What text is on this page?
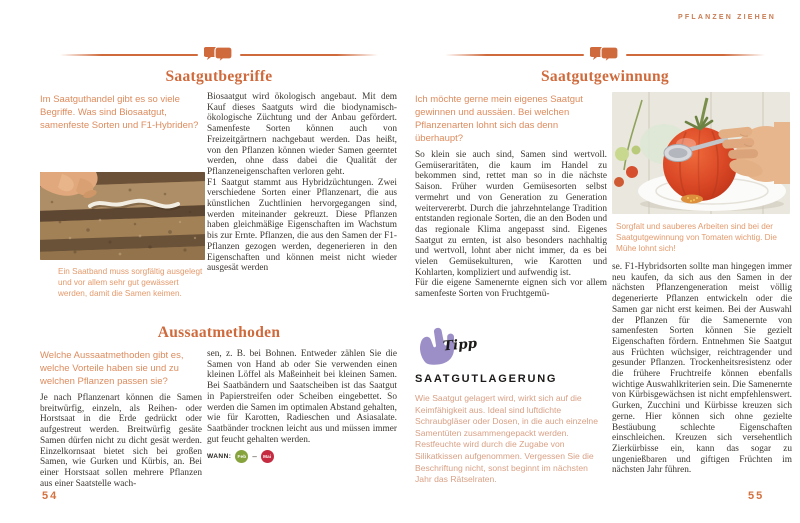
Saatgutbegriffe
Im Saatguthandel gibt es so viele Begriffe. Was sind Biosaatgut, samenfeste Sorten und F1-Hybriden?
Ein Saatband muss sorgfältig ausgelegt und vor allem sehr gut gewässert werden, damit die Samen keimen.

Biosaatgut wird ökologisch angebaut. Mit dem Kauf dieses Saatguts wird die biodynamisch-ökologische Züchtung und der Anbau gefördert. Samenfeste Sorten können auch von Freizeitgärtnern nachgebaut werden. Das heißt, von den Pflanzen können wieder Samen geerntet werden, ohne dass dabei die Qualität der Pflanzeneigenschaften verloren geht.

F1 Saatgut stammt aus Hybridzüchtungen. Zwei verschiedene Sorten einer Pflanzenart, die aus künstlichen Zuchtlinien hervorgegangen sind, werden miteinander gekreuzt. Diese Pflanzen haben gleichmäßige Eigenschaften im Wachstum bis zur Ernte. Pflanzen, die aus den Samen der F1-Pflanzen gezogen werden, degenerieren in den Eigenschaften und können meist nicht wieder ausgesät werden

Aussaatmethoden
Welche Aussaatmethoden gibt es, welche Vorteile haben sie und zu welchen Pflanzen passen sie?

Je nach Pflanzenart können die Samen breitwürfig, einzeln, als Reihen- oder Horstsaat in die Erde gedrückt oder aufgestreut werden. Breitwürfig gesäte Samen dürfen nicht zu dicht gesät werden. Einzelkornsaat bietet sich bei großen Samen, wie Gurken und Kürbis, an. Bei einer Horstsaat sollen mehrere Pflanzen aus einer Saatstelle wach-

sen, z. B. bei Bohnen. Entweder zählen Sie die Samen von Hand ab oder Sie verwenden einen kleinen Löffel als Maßeinheit bei kleinen Samen. Bei Saatbändern und Saatscheiben ist das Saatgut in Papierstreifen oder Scheiben eingebettet. So werden die Samen im optimalen Abstand gehalten, wie für Karotten, Radieschen und Asiasalate. Saatbänder trocknen leicht aus und müssen immer gut feucht gehalten werden.

WANN:	Feb –	Mai
54
PFLANZEN ZIEHEN
Saatgutgewinnung
Ich möchte gerne mein eigenes Saatgut gewinnen und aussäen. Bei welchen Pflanzenarten lohnt sich das denn überhaupt?

So klein sie auch sind, Samen sind wertvoll. Gemüseraritäten, die kaum im Handel zu bekommen sind, rettet man so in die nächste Saison. Früher wurden Gemüsesorten selbst vermehrt und von Generation zu Generation weitervererbt. Durch die jahrzehntelange Tradition entstanden regionale Sorten, die an den Boden und das regionale Klima angepasst sind. Eigenes Saatgut zu ernten, ist also besonders nachhaltig und wertvoll, lohnt aber nicht immer, da es bei vielen Gemüsekulturen, wie Karotten und Kohlarten, kompliziert und aufwendig ist.

Für die eigene Samenernte eignen sich vor allem samenfeste Sorten von Fruchtgemü-

Tipp
SAATGUTLAGERUNG
Wie Saatgut gelagert wird, wirkt sich auf die Keimfähigkeit aus. Ideal sind luftdichte Schraubgläser oder Dosen, in die auch einzelne Samentüten zusammengepackt werden. Restfeuchte wird durch die Zugabe von Silikatkissen aufgenommen. Vergessen Sie die Beschriftung nicht, sonst beginnt im nächsten Jahr das Rätselraten.
Sorgfalt und sauberes Arbeiten sind bei der Saatgutgewinnung von Tomaten wichtig. Die Mühe lohnt sich!

se. F1-Hybridsorten sollte man hingegen immer neu kaufen, da sich aus den Samen in der nächsten Pflanzengeneration meist völlig degenerierte Pflanzen entwickeln oder die Samen gar nicht erst keimen. Bei der Auswahl der Pflanzen für die Samenernte von samenfesten Sorten können Sie gezielt Eigenschaften fördern. Entnehmen Sie Saatgut aus Früchten wüchsiger, reichtragender und gesunder Pflanzen. Trockenheitsresistenz oder die frühere Fruchtreife können ebenfalls wichtige Auswahlkriterien sein. Die Samenernte von Kürbisgewächsen ist nicht empfehlenswert. Gurken, Zucchini und Kürbisse kreuzen sich gerne. Hier können sich ohne gezielte Bestäubung schlechte Eigenschaften einschleichen. Kreuzen sich versehentlich Zierkürbisse ein, kann das sogar zu ungenießbaren und giftigen Früchten im nächsten Jahr führen.

55
